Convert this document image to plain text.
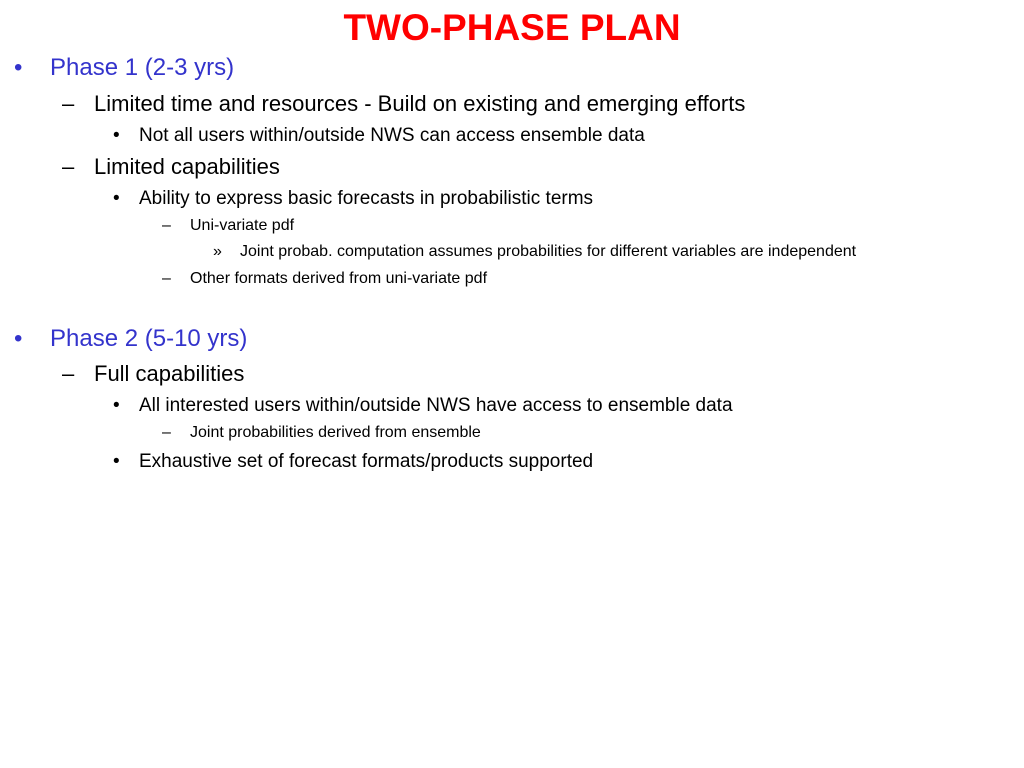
TWO-PHASE PLAN
• Phase 1 (2-3 yrs)
– Limited time and resources - Build on existing and emerging efforts
• Not all users within/outside NWS can access ensemble data
– Limited capabilities
• Ability to express basic forecasts in probabilistic terms
– Uni-variate pdf
» Joint probab. computation assumes probabilities for different variables are independent
– Other formats derived from uni-variate pdf
• Phase 2 (5-10 yrs)
– Full capabilities
• All interested users within/outside NWS have access to ensemble data
– Joint probabilities derived from ensemble
• Exhaustive set of forecast formats/products supported
